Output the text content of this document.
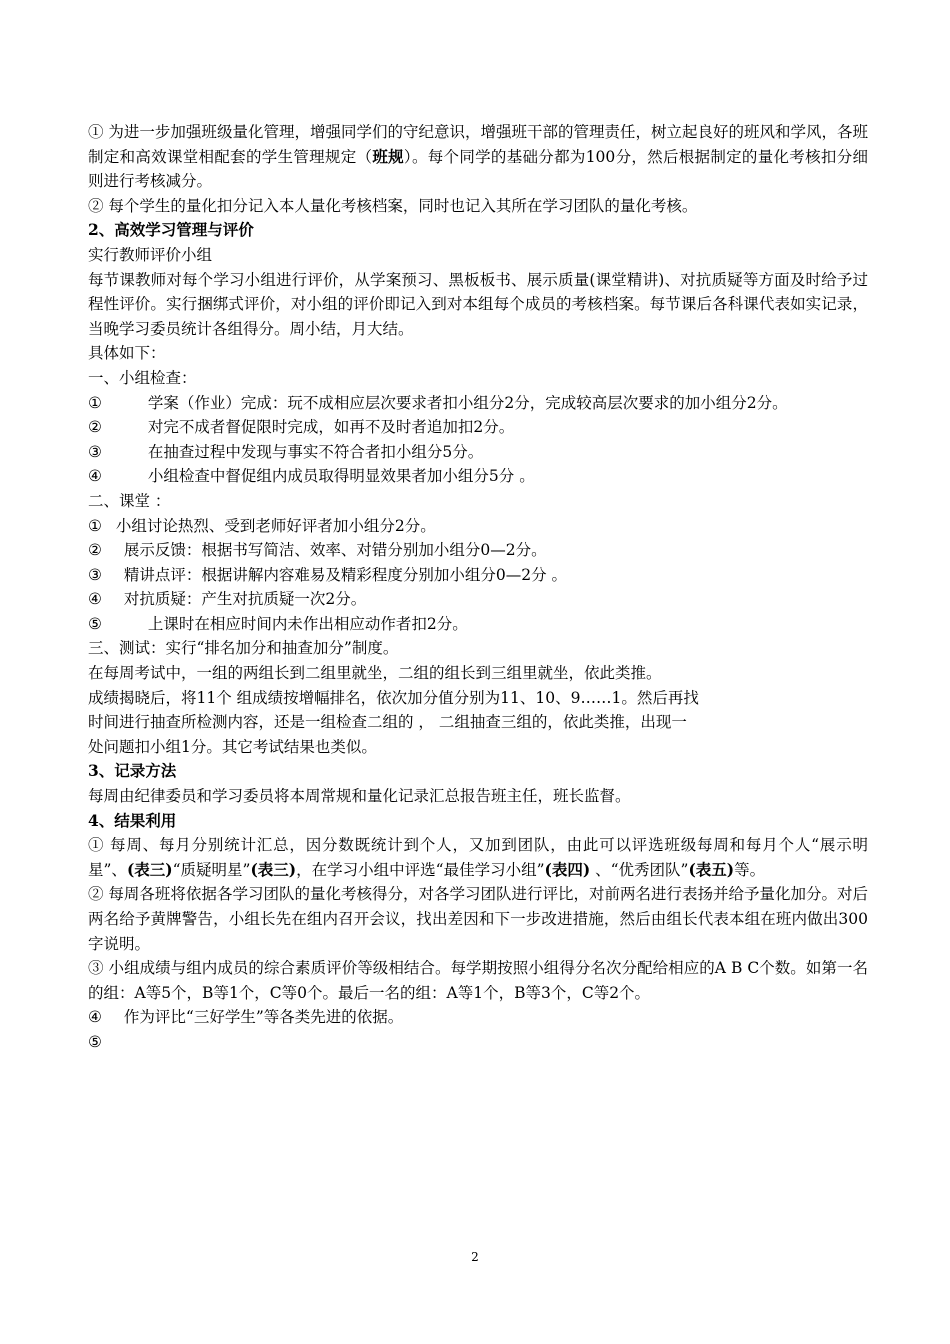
① 为进一步加强班级量化管理，增强同学们的守纪意识，增强班干部的管理责任，树立起良好的班风和学风，各班制定和高效课堂相配套的学生管理规定（班规）。每个同学的基础分都为100分，然后根据制定的量化考核扣分细则进行考核减分。
② 每个学生的量化扣分记入本人量化考核档案，同时也记入其所在学习团队的量化考核。
2、高效学习管理与评价
实行教师评价小组
每节课教师对每个学习小组进行评价，从学案预习、黑板板书、展示质量(课堂精讲)、对抗质疑等方面及时给予过程性评价。实行捆绑式评价，对小组的评价即记入到对本组每个成员的考核档案。每节课后各科课代表如实记录，当晚学习委员统计各组得分。周小结，月大结。
具体如下：
一、小组检查：
①	学案（作业）完成：玩不成相应层次要求者扣小组分2分，完成较高层次要求的加小组分2分。
②	对完不成者督促限时完成，如再不及时者追加扣2分。
③	在抽查过程中发现与事实不符合者扣小组分5分。
④	小组检查中督促组内成员取得明显效果者加小组分5分 。
二、课堂 ：
① 小组讨论热烈、受到老师好评者加小组分2分。
② 展示反馈：根据书写简洁、效率、对错分别加小组分0—2分。
③ 精讲点评：根据讲解内容难易及精彩程度分别加小组分0—2分 。
④ 对抗质疑：产生对抗质疑一次2分。
⑤	上课时在相应时间内未作出相应动作者扣2分。
三、测试：实行“排名加分和抽查加分”制度。
在每周考试中，一组的两组长到二组里就坐，二组的组长到三组里就坐，依此类推。
成绩揭晓后，将11个 组成绩按增幅排名，依次加分值分别为11、10、9……1。然后再找
时间进行抽查所检测内容，还是一组检查二组的 ， 二组抽查三组的，依此类推，出现一
处问题扣小组1分。其它考试结果也类似。
3、记录方法
每周由纪律委员和学习委员将本周常规和量化记录汇总报告班主任，班长监督。
4、结果利用
① 每周、每月分别统计汇总，因分数既统计到个人，又加到团队，由此可以评选班级每周和每月个人“展示明星”、(表三)“质疑明星”(表三)，在学习小组中评选“最佳学习小组”(表四) 、“优秀团队”(表五)等。
② 每周各班将依据各学习团队的量化考核得分，对各学习团队进行评比，对前两名进行表扬并给予量化加分。对后两名给予黄牌警告，小组长先在组内召开会议，找出差因和下一步改进措施，然后由组长代表本组在班内做出300字说明。
③ 小组成绩与组内成员的综合素质评价等级相结合。每学期按照小组得分名次分配给相应的A B C个数。如第一名的组：A等5个，B等1个，C等0个。最后一名的组：A等1个，B等3个，C等2个。
④ 作为评比“三好学生”等各类先进的依据。
⑤
2
